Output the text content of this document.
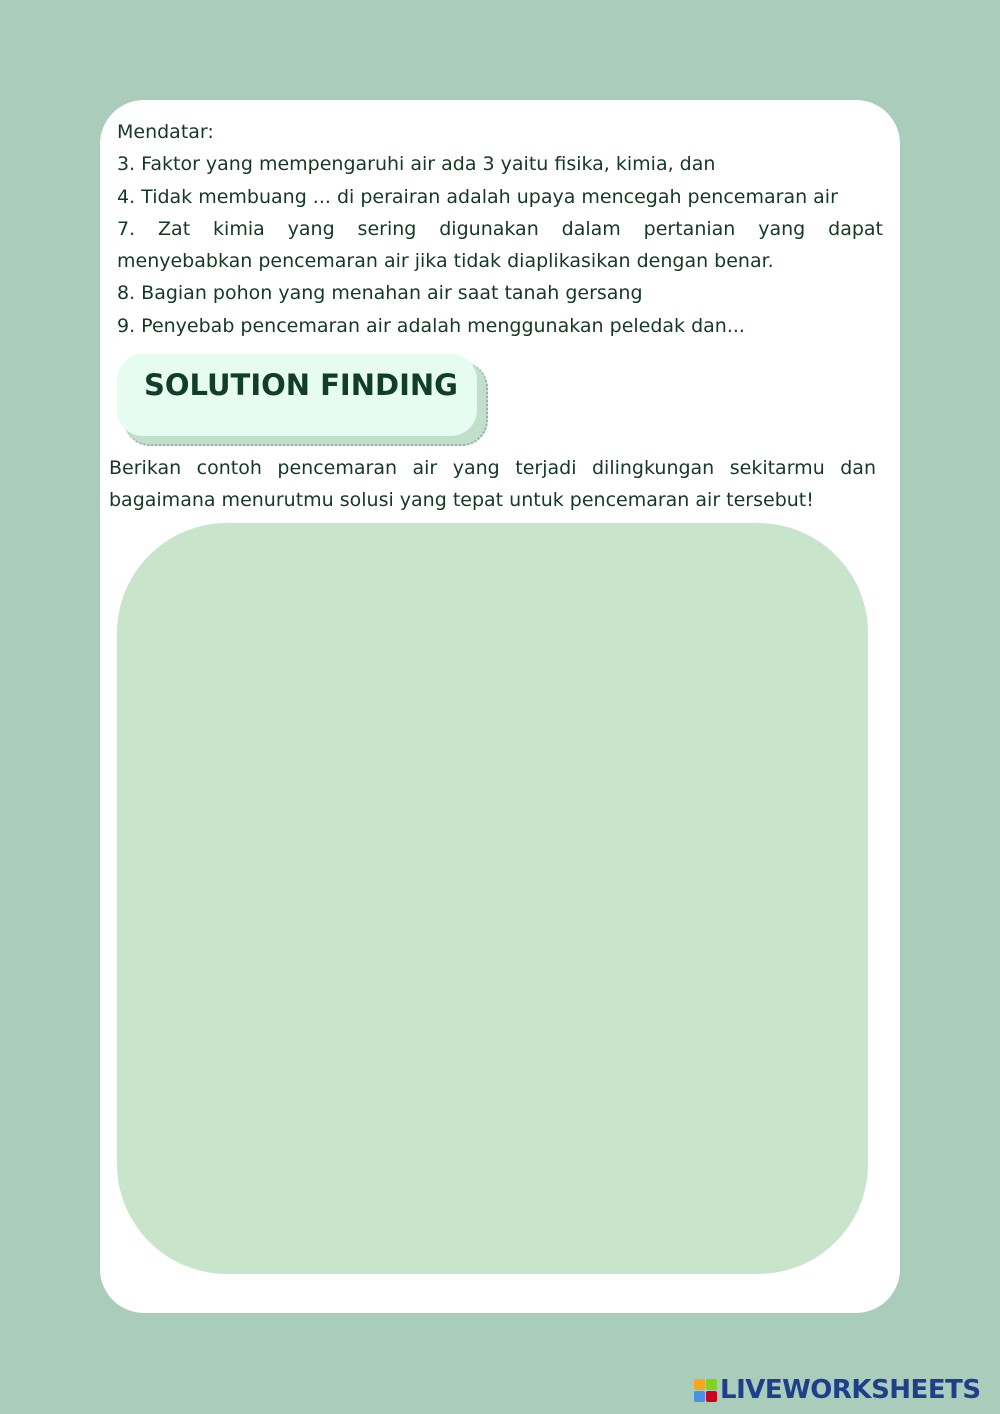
Mendatar:
3. Faktor yang mempengaruhi air ada 3 yaitu fisika, kimia, dan
4. Tidak membuang ... di perairan adalah upaya mencegah pencemaran air
7. Zat kimia yang sering digunakan dalam pertanian yang dapat
menyebabkan pencemaran air jika tidak diaplikasikan dengan benar.
8. Bagian pohon yang menahan air saat tanah gersang
9. Penyebab pencemaran air adalah menggunakan peledak dan...
SOLUTION FINDING
Berikan contoh pencemaran air yang terjadi dilingkungan sekitarmu dan
bagaimana menurutmu solusi yang tepat untuk pencemaran air tersebut!
LIVEWORKSHEETS
